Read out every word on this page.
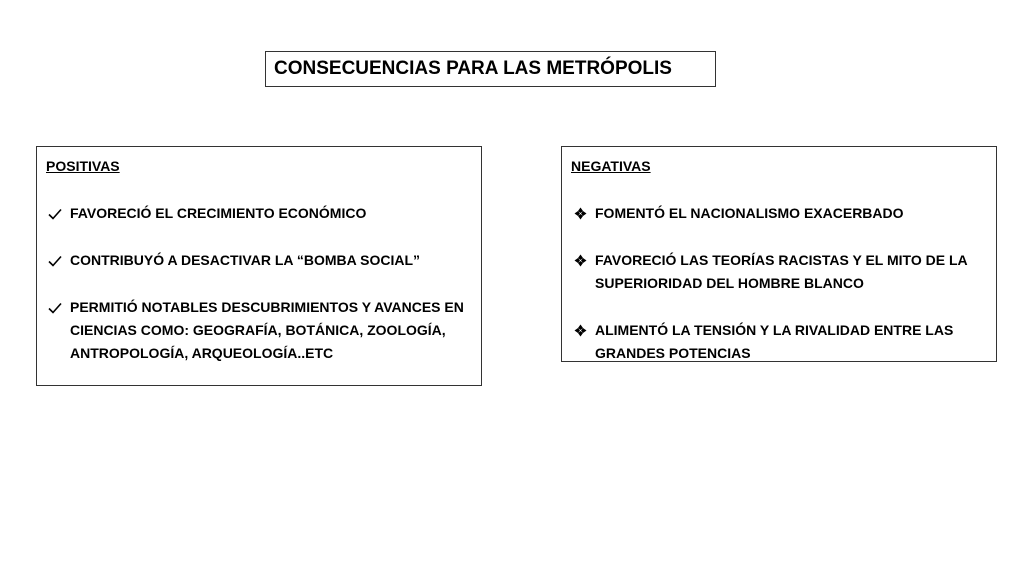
CONSECUENCIAS PARA LAS METRÓPOLIS
POSITIVAS
FAVORECIÓ EL CRECIMIENTO ECONÓMICO
CONTRIBUYÓ A DESACTIVAR LA “BOMBA SOCIAL”
PERMITIÓ NOTABLES DESCUBRIMIENTOS Y AVANCES EN CIENCIAS COMO: GEOGRAFÍA, BOTÁNICA, ZOOLOGÍA, ANTROPOLOGÍA, ARQUEOLOGÍA..ETC
NEGATIVAS
FOMENTÓ EL NACIONALISMO EXACERBADO
FAVORECIÓ LAS TEORÍAS RACISTAS Y EL MITO DE LA SUPERIORIDAD DEL HOMBRE BLANCO
ALIMENTÓ LA TENSIÓN Y LA RIVALIDAD ENTRE LAS GRANDES POTENCIAS
